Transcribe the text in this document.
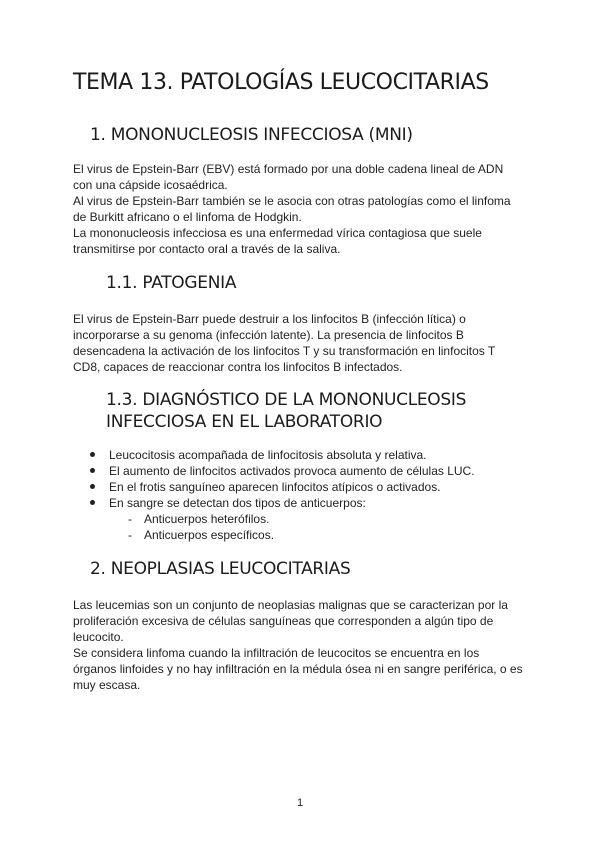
TEMA 13. PATOLOGÍAS LEUCOCITARIAS
1. MONONUCLEOSIS INFECCIOSA (MNI)
El virus de Epstein-Barr (EBV) está formado por una doble cadena lineal de ADN
con una cápside icosaédrica.
Al virus de Epstein-Barr también se le asocia con otras patologías como el linfoma
de Burkitt africano o el linfoma de Hodgkin.
La mononucleosis infecciosa es una enfermedad vírica contagiosa que suele
transmitirse por contacto oral a través de la saliva.
1.1. PATOGENIA
El virus de Epstein-Barr puede destruir a los linfocitos B (infección lítica) o
incorporarse a su genoma (infección latente). La presencia de linfocitos B
desencadena la activación de los linfocitos T y su transformación en linfocitos T
CD8, capaces de reaccionar contra los linfocitos B infectados.
1.3. DIAGNÓSTICO DE LA MONONUCLEOSIS
INFECCIOSA EN EL LABORATORIO
Leucocitosis acompañada de linfocitosis absoluta y relativa.
El aumento de linfocitos activados provoca aumento de células LUC.
En el frotis sanguíneo aparecen linfocitos atípicos o activados.
En sangre se detectan dos tipos de anticuerpos:
- Anticuerpos heterófilos.
- Anticuerpos específicos.
2. NEOPLASIAS LEUCOCITARIAS
Las leucemias son un conjunto de neoplasias malignas que se caracterizan por la
proliferación excesiva de células sanguíneas que corresponden a algún tipo de
leucocito.
Se considera linfoma cuando la infiltración de leucocitos se encuentra en los
órganos linfoides y no hay infiltración en la médula ósea ni en sangre periférica, o es
muy escasa.
1
